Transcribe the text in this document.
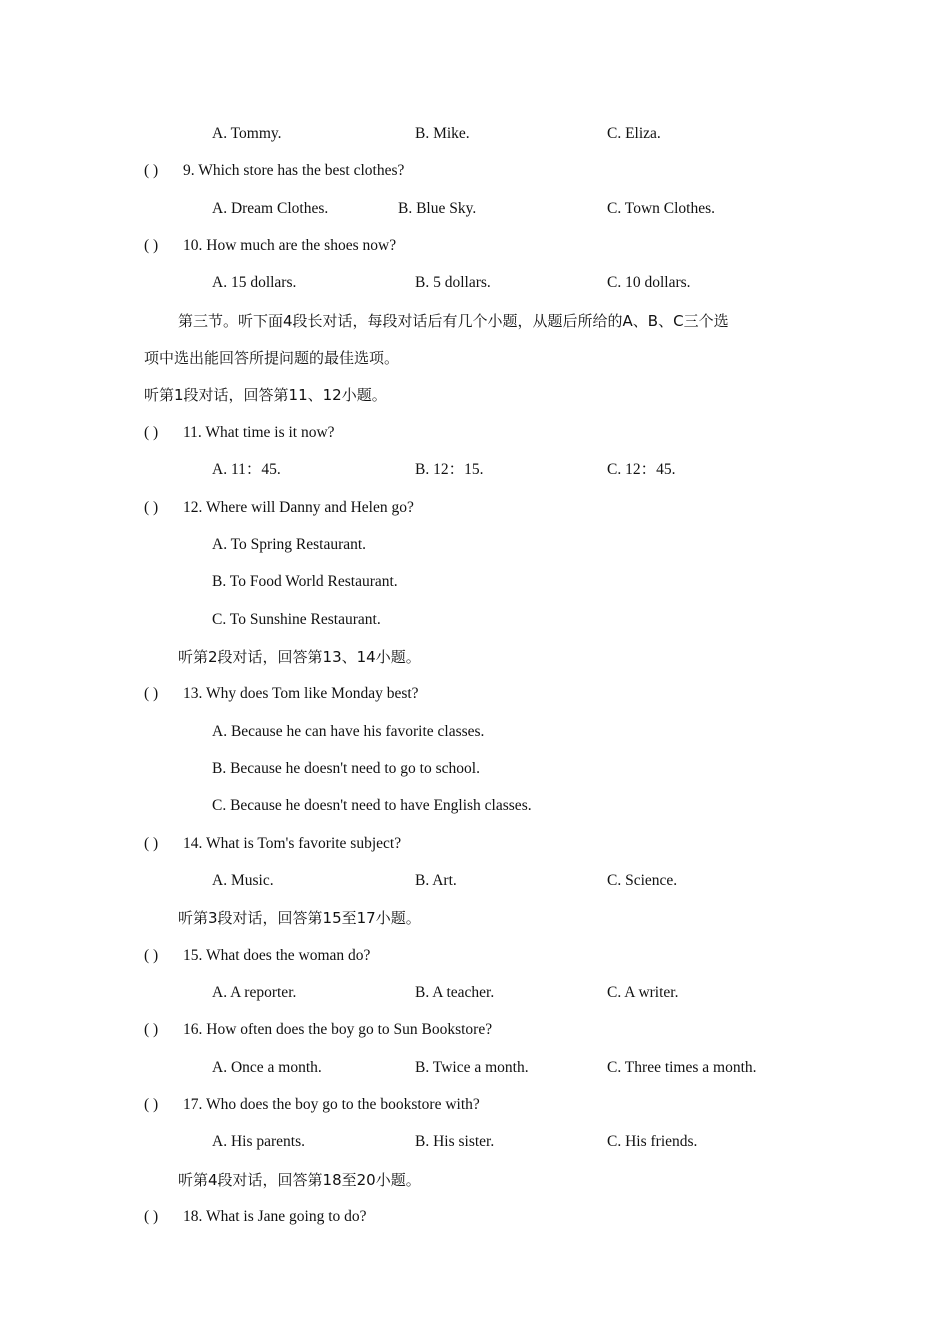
A. Tommy.	B. Mike.	C. Eliza.
( ) 9. Which store has the best clothes?
A. Dream Clothes.	B. Blue Sky.	C. Town Clothes.
( ) 10. How much are the shoes now?
A. 15 dollars.	B. 5 dollars.	C. 10 dollars.
第三节。听下面4段长对话，每段对话后有几个小题，从题后所给的A、B、C三个选
项中选出能回答所提问题的最佳选项。
听第1段对话，回答第11、12小题。
( ) 11. What time is it now?
A. 11：45.	B. 12：15.	C. 12：45.
( ) 12. Where will Danny and Helen go?
A. To Spring Restaurant.
B. To Food World Restaurant.
C. To Sunshine Restaurant.
听第2段对话，回答第13、14小题。
( ) 13. Why does Tom like Monday best?
A. Because he can have his favorite classes.
B. Because he doesn't need to go to school.
C. Because he doesn't need to have English classes.
( ) 14. What is Tom's favorite subject?
A. Music.	B. Art.	C. Science.
听第3段对话，回答第15至17小题。
( ) 15. What does the woman do?
A. A reporter.	B. A teacher.	C. A writer.
( ) 16. How often does the boy go to Sun Bookstore?
A. Once a month.	B. Twice a month.	C. Three times a month.
( ) 17. Who does the boy go to the bookstore with?
A. His parents.	B. His sister.	C. His friends.
听第4段对话，回答第18至20小题。
( ) 18. What is Jane going to do?
